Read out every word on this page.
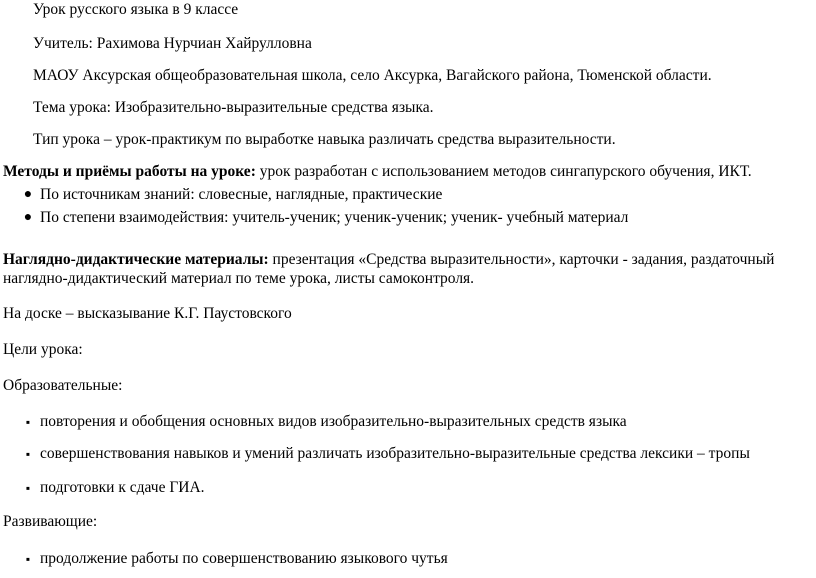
Урок русского языка в 9 классе
Учитель: Рахимова Нурчиан Хайрулловна
МАОУ Аксурская общеобразовательная школа, село Аксурка, Вагайского района, Тюменской области.
Тема урока: Изобразительно-выразительные средства языка.
Тип урока – урок-практикум по выработке навыка различать средства выразительности.
Методы и приёмы работы на уроке: урок разработан с использованием методов сингапурского обучения, ИКТ.
● По источникам знаний: словесные, наглядные, практические
● По степени взаимодействия: учитель-ученик; ученик-ученик; ученик- учебный материал
Наглядно-дидактические материалы: презентация «Средства выразительности», карточки - задания, раздаточный
наглядно-дидактический материал по теме урока, листы самоконтроля.
На доске – высказывание К.Г. Паустовского
Цели урока:
Образовательные:
▪ повторения и обобщения основных видов изобразительно-выразительных средств языка
▪ совершенствования навыков и умений различать изобразительно-выразительные средства лексики – тропы
▪ подготовки к сдаче ГИА.
Развивающие:
▪ продолжение работы по совершенствованию языкового чутья
